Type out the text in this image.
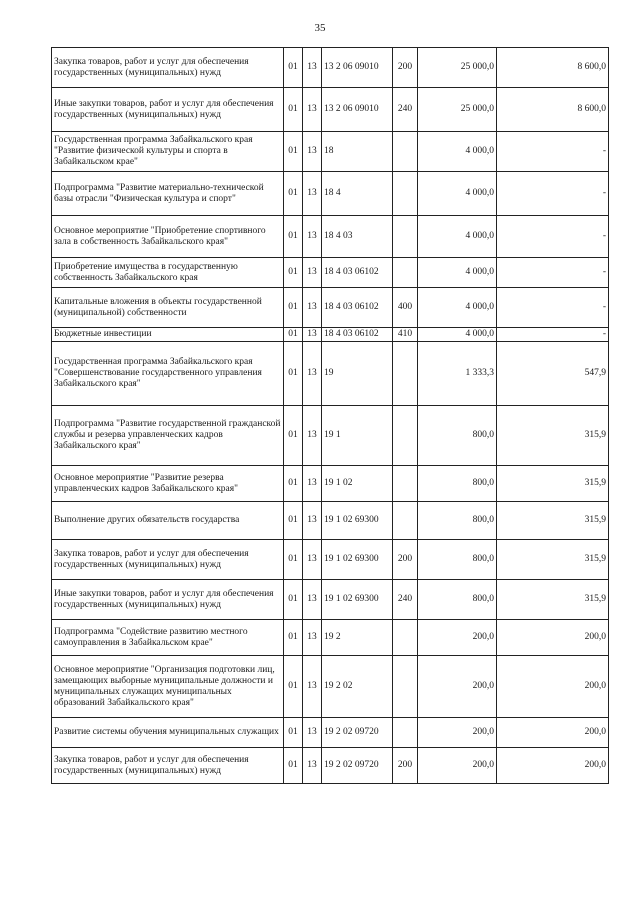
35
Закупка товаров, работ и услуг для обеспечения государственных (муниципальных) нужд	01	13	13 2 06 09010	200	25 000,0	8 600,0
Иные закупки товаров, работ и услуг для обеспечения государственных (муниципальных) нужд	01	13	13 2 06 09010	240	25 000,0	8 600,0
Государственная программа Забайкальского края "Развитие физической культуры и спорта в Забайкальском крае"	01	13	18		4 000,0	-
Подпрограмма "Развитие материально-технической базы отрасли "Физическая культура и спорт"	01	13	18 4		4 000,0	-
Основное мероприятие "Приобретение спортивного зала в собственность Забайкальского края"	01	13	18 4 03		4 000,0	-
Приобретение имущества в государственную собственность Забайкальского края	01	13	18 4 03 06102		4 000,0	-
Капитальные вложения в объекты государственной (муниципальной) собственности	01	13	18 4 03 06102	400	4 000,0	-
Бюджетные инвестиции	01	13	18 4 03 06102	410	4 000,0	-
Государственная программа Забайкальского края "Совершенствование государственного управления Забайкальского края"	01	13	19		1 333,3	547,9
Подпрограмма "Развитие государственной гражданской службы и резерва управленческих кадров Забайкальского края"	01	13	19 1		800,0	315,9
Основное мероприятие "Развитие резерва управленческих кадров Забайкальского края"	01	13	19 1 02		800,0	315,9
Выполнение других обязательств государства	01	13	19 1 02 69300		800,0	315,9
Закупка товаров, работ и услуг для обеспечения государственных (муниципальных) нужд	01	13	19 1 02 69300	200	800,0	315,9
Иные закупки товаров, работ и услуг для обеспечения государственных (муниципальных) нужд	01	13	19 1 02 69300	240	800,0	315,9
Подпрограмма "Содействие развитию местного самоуправления в Забайкальском крае"	01	13	19 2		200,0	200,0
Основное мероприятие "Организация подготовки лиц, замещающих выборные муниципальные должности и муниципальных служащих муниципальных образований Забайкальского края"	01	13	19 2 02		200,0	200,0
Развитие системы обучения муниципальных служащих	01	13	19 2 02 09720		200,0	200,0
Закупка товаров, работ и услуг для обеспечения государственных (муниципальных) нужд	01	13	19 2 02 09720	200	200,0	200,0
